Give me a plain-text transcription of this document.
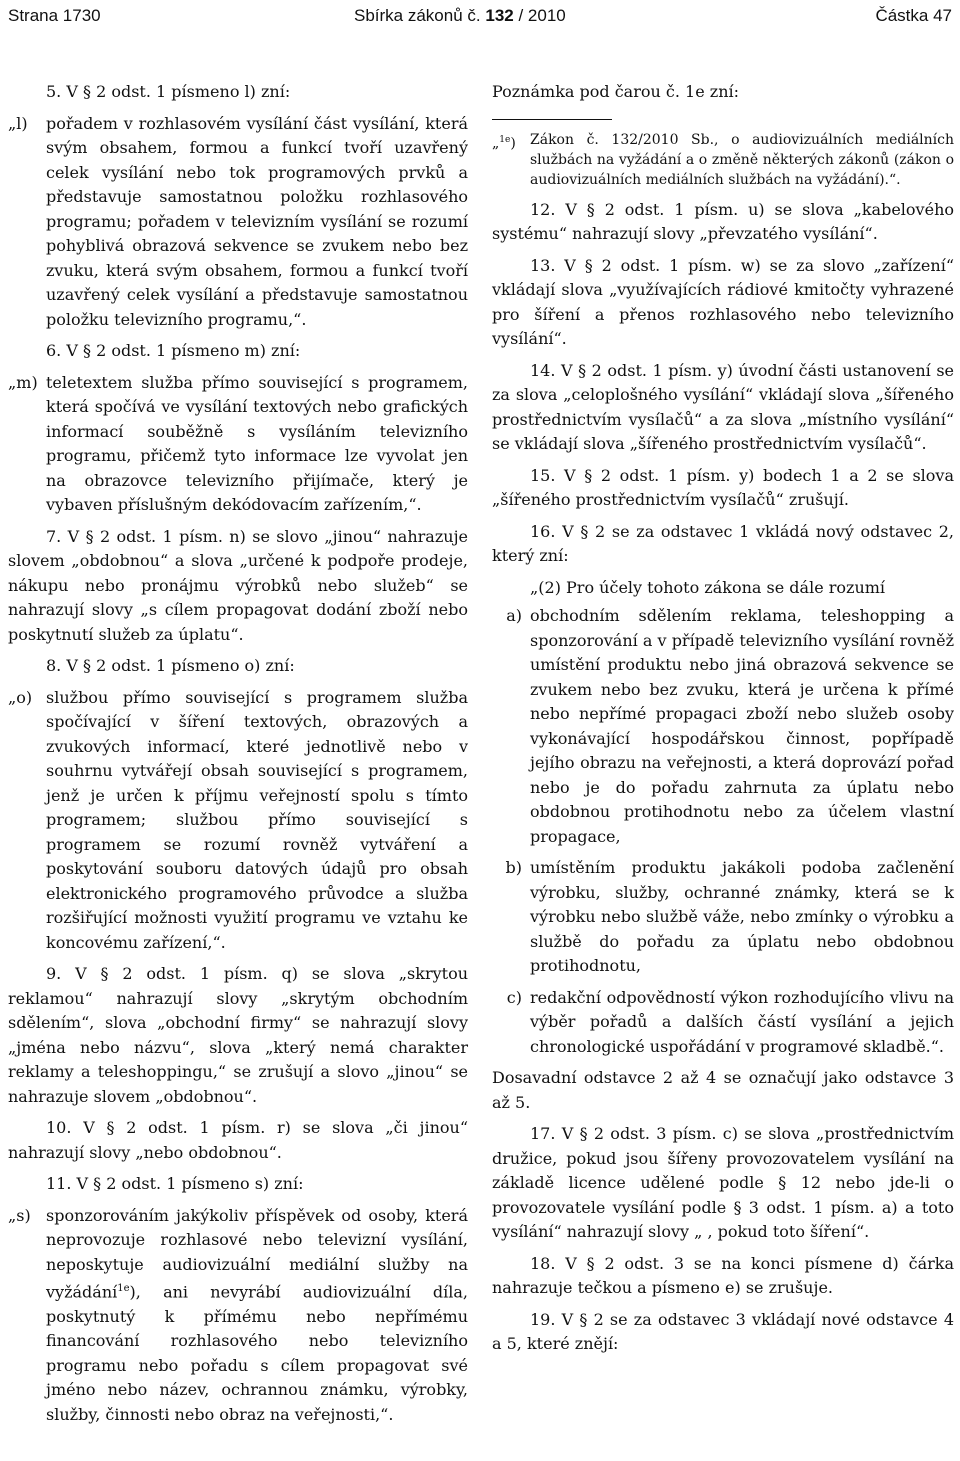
Strana 1730	Sbírka zákonů č. 132 / 2010	Částka 47

5. V § 2 odst. 1 písmeno l) zní:

„l)	pořadem v rozhlasovém vysílání část vysílání, která svým obsahem, formou a funkcí tvoří uzavřený celek vysílání nebo tok programových prvků a představuje samostatnou položku rozhlasového programu; pořadem v televizním vysílání se rozumí pohyblivá obrazová sekvence se zvukem nebo bez zvuku, která svým obsahem, formou a funkcí tvoří uzavřený celek vysílání a představuje samostatnou položku televizního programu,“.

6. V § 2 odst. 1 písmeno m) zní:

„m) teletextem služba přímo související s programem, která spočívá ve vysílání textových nebo grafických informací souběžně s vysíláním televizního programu, přičemž tyto informace lze vyvolat jen na obrazovce televizního přijímače, který je vybaven příslušným dekódovacím zařízením,“.

7. V § 2 odst. 1 písm. n) se slovo „jinou“ nahrazuje slovem „obdobnou“ a slova „určené k podpoře prodeje, nákupu nebo pronájmu výrobků nebo služeb“ se nahrazují slovy „s cílem propagovat dodání zboží nebo poskytnutí služeb za úplatu“.

8. V § 2 odst. 1 písmeno o) zní:

„o) službou přímo související s programem služba spočívající v šíření textových, obrazových a zvukových informací, které jednotlivě nebo v souhrnu vytvářejí obsah související s programem, jenž je určen k příjmu veřejností spolu s tímto programem; službou přímo související s programem se rozumí rovněž vytváření a poskytování souboru datových údajů pro obsah elektronického programového průvodce a služba rozšiřující možnosti využití programu ve vztahu ke koncovému zařízení,“.

9. V § 2 odst. 1 písm. q) se slova „skrytou reklamou“ nahrazují slovy „skrytým obchodním sdělením“, slova „obchodní firmy“ se nahrazují slovy „jména nebo názvu“, slova „který nemá charakter reklamy a teleshoppingu,“ se zrušují a slovo „jinou“ se nahrazuje slovem „obdobnou“.

10. V § 2 odst. 1 písm. r) se slova „či jinou“ nahrazují slovy „nebo obdobnou“.

11. V § 2 odst. 1 písmeno s) zní:

„s) sponzorováním jakýkoliv příspěvek od osoby, která neprovozuje rozhlasové nebo televizní vysílání, neposkytuje audiovizuální mediální služby na vyžádání$^{1e}$), ani nevyrábí audiovizuální díla, poskytnutý k přímému nebo nepřímému financování rozhlasového nebo televizního programu nebo pořadu s cílem propagovat své jméno nebo název, ochrannou známku, výrobky, služby, činnosti nebo obraz na veřejnosti,“.

Poznámka pod čarou č. 1e zní:

„$^{1e}$)	Zákon č. 132/2010 Sb., o audiovizuálních mediálních službách na vyžádání a o změně některých zákonů (zákon o audiovizuálních mediálních službách na vyžádání).“.

12. V § 2 odst. 1 písm. u) se slova „kabelového systému“ nahrazují slovy „převzatého vysílání“.

13. V § 2 odst. 1 písm. w) se za slovo „zařízení“ vkládají slova „využívajících rádiové kmitočty vyhrazené pro šíření a přenos rozhlasového nebo televizního vysílání“.

14. V § 2 odst. 1 písm. y) úvodní části ustanovení se za slova „celoplošného vysílání“ vkládají slova „šířeného prostřednictvím vysílačů“ a za slova „místního vysílání“ se vkládají slova „šířeného prostřednictvím vysílačů“.

15. V § 2 odst. 1 písm. y) bodech 1 a 2 se slova „šířeného prostřednictvím vysílačů“ zrušují.

16. V § 2 se za odstavec 1 vkládá nový odstavec 2, který zní:

„(2) Pro účely tohoto zákona se dále rozumí

a) obchodním sdělením reklama, teleshopping a sponzorování a v případě televizního vysílání rovněž umístění produktu nebo jiná obrazová sekvence se zvukem nebo bez zvuku, která je určena k přímé nebo nepřímé propagaci zboží nebo služeb osoby vykonávající hospodářskou činnost, popřípadě jejího obrazu na veřejnosti, a která doprovází pořad nebo je do pořadu zahrnuta za úplatu nebo obdobnou protihodnotu nebo za účelem vlastní propagace,
b) umístěním produktu jakákoli podoba začlenění výrobku, služby, ochranné známky, která se k výrobku nebo službě váže, nebo zmínky o výrobku a službě do pořadu za úplatu nebo obdobnou protihodnotu,
c) redakční odpovědností výkon rozhodujícího vlivu na výběr pořadů a dalších částí vysílání a jejich chronologické uspořádání v programové skladbě.“.

Dosavadní odstavce 2 až 4 se označují jako odstavce 3 až 5.

17. V § 2 odst. 3 písm. c) se slova „prostřednictvím družice, pokud jsou šířeny provozovatelem vysílání na základě licence udělené podle § 12 nebo jde-li o provozovatele vysílání podle § 3 odst. 1 písm. a) a toto vysílání“ nahrazují slovy „ , pokud toto šíření“.

18. V § 2 odst. 3 se na konci písmene d) čárka nahrazuje tečkou a písmeno e) se zrušuje.

19. V § 2 se za odstavec 3 vkládají nové odstavce 4 a 5, které znějí:
